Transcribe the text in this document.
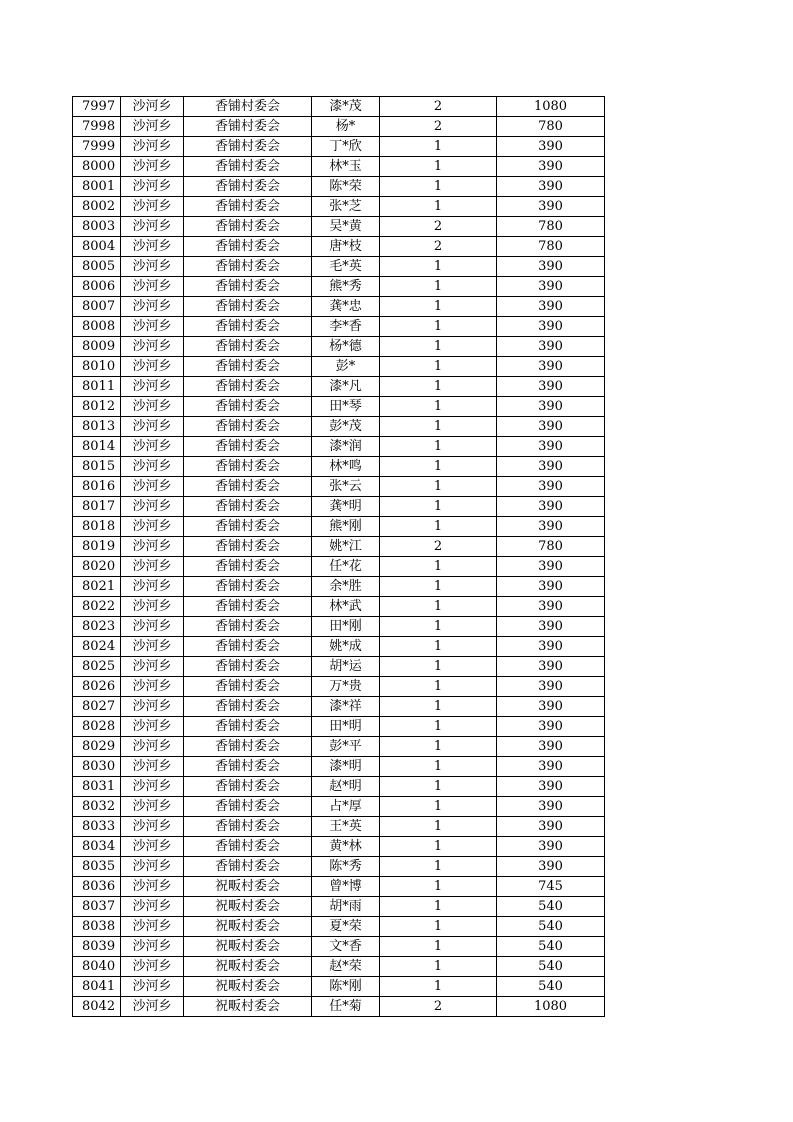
7997	沙河乡	香铺村委会	漆*茂	2	1080
7998	沙河乡	香铺村委会	杨*	2	780
7999	沙河乡	香铺村委会	丁*欣	1	390
8000	沙河乡	香铺村委会	林*玉	1	390
8001	沙河乡	香铺村委会	陈*荣	1	390
8002	沙河乡	香铺村委会	张*芝	1	390
8003	沙河乡	香铺村委会	吴*黄	2	780
8004	沙河乡	香铺村委会	唐*枝	2	780
8005	沙河乡	香铺村委会	毛*英	1	390
8006	沙河乡	香铺村委会	熊*秀	1	390
8007	沙河乡	香铺村委会	龚*忠	1	390
8008	沙河乡	香铺村委会	李*香	1	390
8009	沙河乡	香铺村委会	杨*德	1	390
8010	沙河乡	香铺村委会	彭*	1	390
8011	沙河乡	香铺村委会	漆*凡	1	390
8012	沙河乡	香铺村委会	田*琴	1	390
8013	沙河乡	香铺村委会	彭*茂	1	390
8014	沙河乡	香铺村委会	漆*润	1	390
8015	沙河乡	香铺村委会	林*鸣	1	390
8016	沙河乡	香铺村委会	张*云	1	390
8017	沙河乡	香铺村委会	龚*明	1	390
8018	沙河乡	香铺村委会	熊*刚	1	390
8019	沙河乡	香铺村委会	姚*江	2	780
8020	沙河乡	香铺村委会	任*花	1	390
8021	沙河乡	香铺村委会	余*胜	1	390
8022	沙河乡	香铺村委会	林*武	1	390
8023	沙河乡	香铺村委会	田*刚	1	390
8024	沙河乡	香铺村委会	姚*成	1	390
8025	沙河乡	香铺村委会	胡*运	1	390
8026	沙河乡	香铺村委会	万*贵	1	390
8027	沙河乡	香铺村委会	漆*祥	1	390
8028	沙河乡	香铺村委会	田*明	1	390
8029	沙河乡	香铺村委会	彭*平	1	390
8030	沙河乡	香铺村委会	漆*明	1	390
8031	沙河乡	香铺村委会	赵*明	1	390
8032	沙河乡	香铺村委会	占*厚	1	390
8033	沙河乡	香铺村委会	王*英	1	390
8034	沙河乡	香铺村委会	黄*林	1	390
8035	沙河乡	香铺村委会	陈*秀	1	390
8036	沙河乡	祝畈村委会	曾*博	1	745
8037	沙河乡	祝畈村委会	胡*雨	1	540
8038	沙河乡	祝畈村委会	夏*荣	1	540
8039	沙河乡	祝畈村委会	文*香	1	540
8040	沙河乡	祝畈村委会	赵*荣	1	540
8041	沙河乡	祝畈村委会	陈*刚	1	540
8042	沙河乡	祝畈村委会	任*菊	2	1080
